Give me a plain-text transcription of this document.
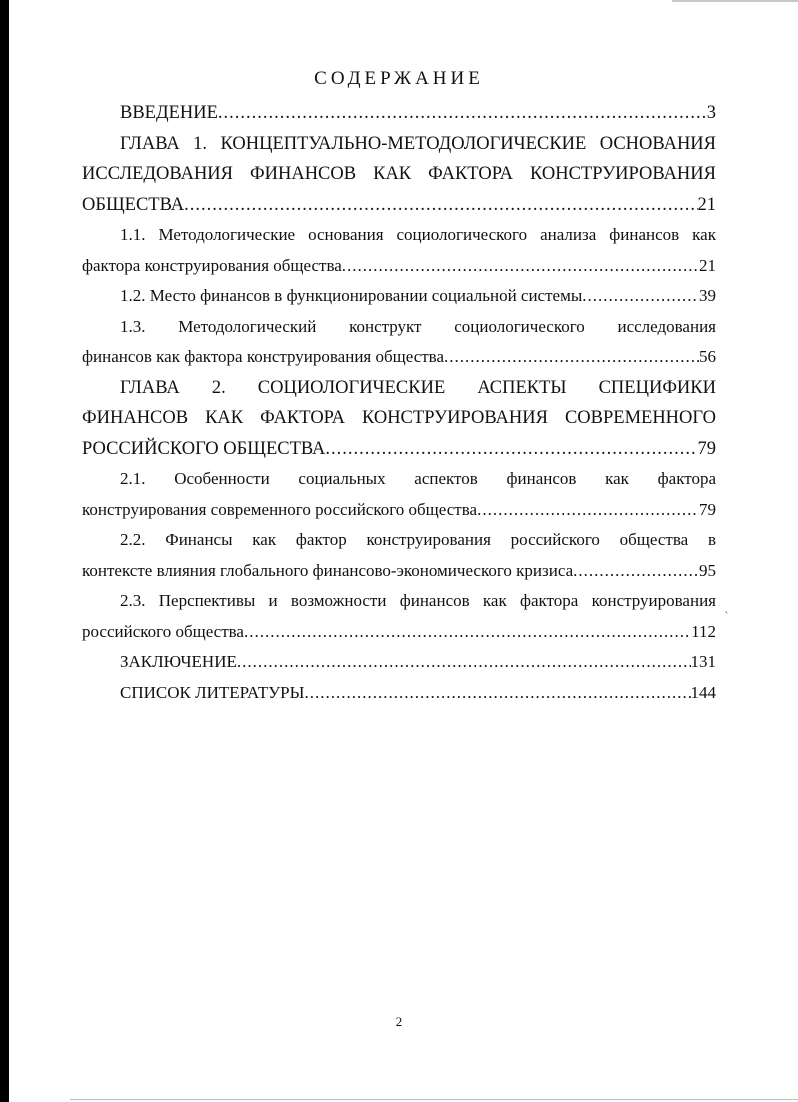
`
СОДЕРЖАНИЕ
ВВЕДЕНИЕ .....	3
ГЛАВА 1. КОНЦЕПТУАЛЬНО-МЕТОДОЛОГИЧЕСКИЕ ОСНОВАНИЯ
ИССЛЕДОВАНИЯ ФИНАНСОВ КАК ФАКТОРА КОНСТРУИРОВАНИЯ
ОБЩЕСТВА .....	21
1.1. Методологические основания социологического анализа финансов как
фактора конструирования общества .....	21
1.2. Место финансов в функционировании социальной системы .....	39
1.3. Методологический конструкт социологического исследования
финансов как фактора конструирования общества .....	56
ГЛАВА 2. СОЦИОЛОГИЧЕСКИЕ АСПЕКТЫ СПЕЦИФИКИ
ФИНАНСОВ КАК ФАКТОРА КОНСТРУИРОВАНИЯ СОВРЕМЕННОГО
РОССИЙСКОГО ОБЩЕСТВА .....	79
2.1. Особенности социальных аспектов финансов как фактора
конструирования современного российского общества .....	79
2.2. Финансы как фактор конструирования российского общества в
контексте влияния глобального финансово-экономического кризиса .....	95
2.3. Перспективы и возможности финансов как фактора конструирования
российского общества .....	112
ЗАКЛЮЧЕНИЕ .....	131
СПИСОК ЛИТЕРАТУРЫ .....	144
2
